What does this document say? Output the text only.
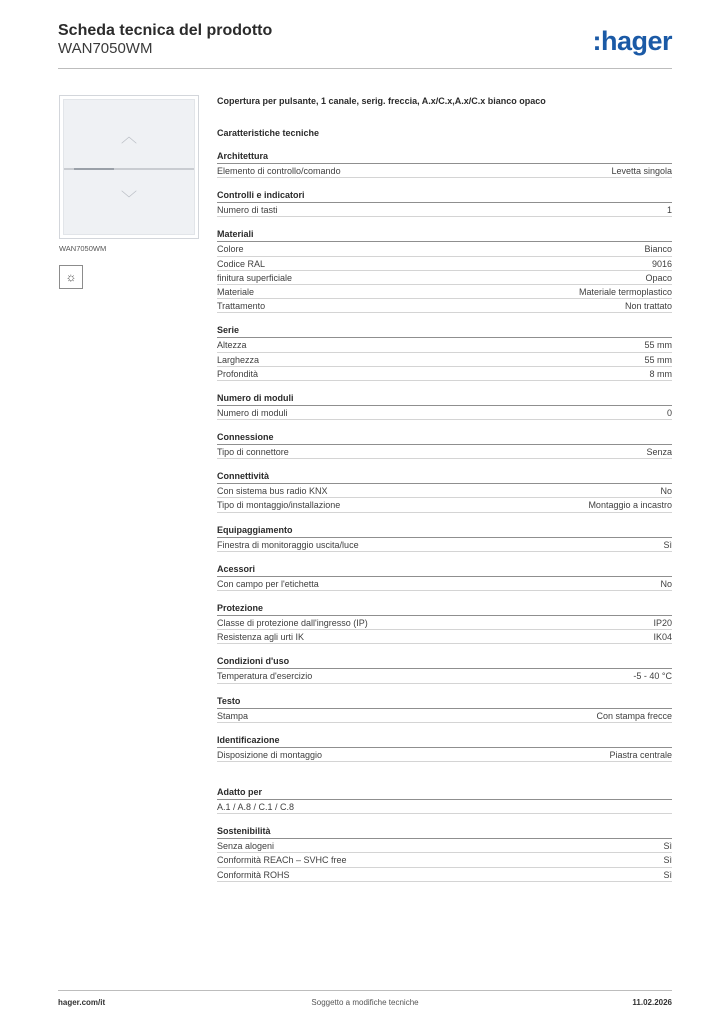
Scheda tecnica del prodotto
WAN7050WM	:hager
︿
﹀
WAN7050WM
☼
Copertura per pulsante, 1 canale, serig. freccia, A.x/C.x,A.x/C.x bianco opaco
Caratteristiche tecniche
Architettura
Elemento di controllo/comando	Levetta singola
Controlli e indicatori
Numero di tasti	1
Materiali
Colore	Bianco
Codice RAL	9016
finitura superficiale	Opaco
Materiale	Materiale termoplastico
Trattamento	Non trattato
Serie
Altezza	55 mm
Larghezza	55 mm
Profondità	8 mm
Numero di moduli
Numero di moduli	0
Connessione
Tipo di connettore	Senza
Connettività
Con sistema bus radio KNX	No
Tipo di montaggio/installazione	Montaggio a incastro
Equipaggiamento
Finestra di monitoraggio uscita/luce	Sì
Acessori
Con campo per l'etichetta	No
Protezione
Classe di protezione dall'ingresso (IP)	IP20
Resistenza agli urti IK	IK04
Condizioni d'uso
Temperatura d'esercizio	-5 - 40 °C
Testo
Stampa	Con stampa frecce
Identificazione
Disposizione di montaggio	Piastra centrale
Adatto per
A.1 / A.8 / C.1 / C.8
Sostenibilità
Senza alogeni	Sì
Conformità REACh – SVHC free	Sì
Conformità ROHS	Sì
hager.com/it	Soggetto a modifiche tecniche	11.02.2026
